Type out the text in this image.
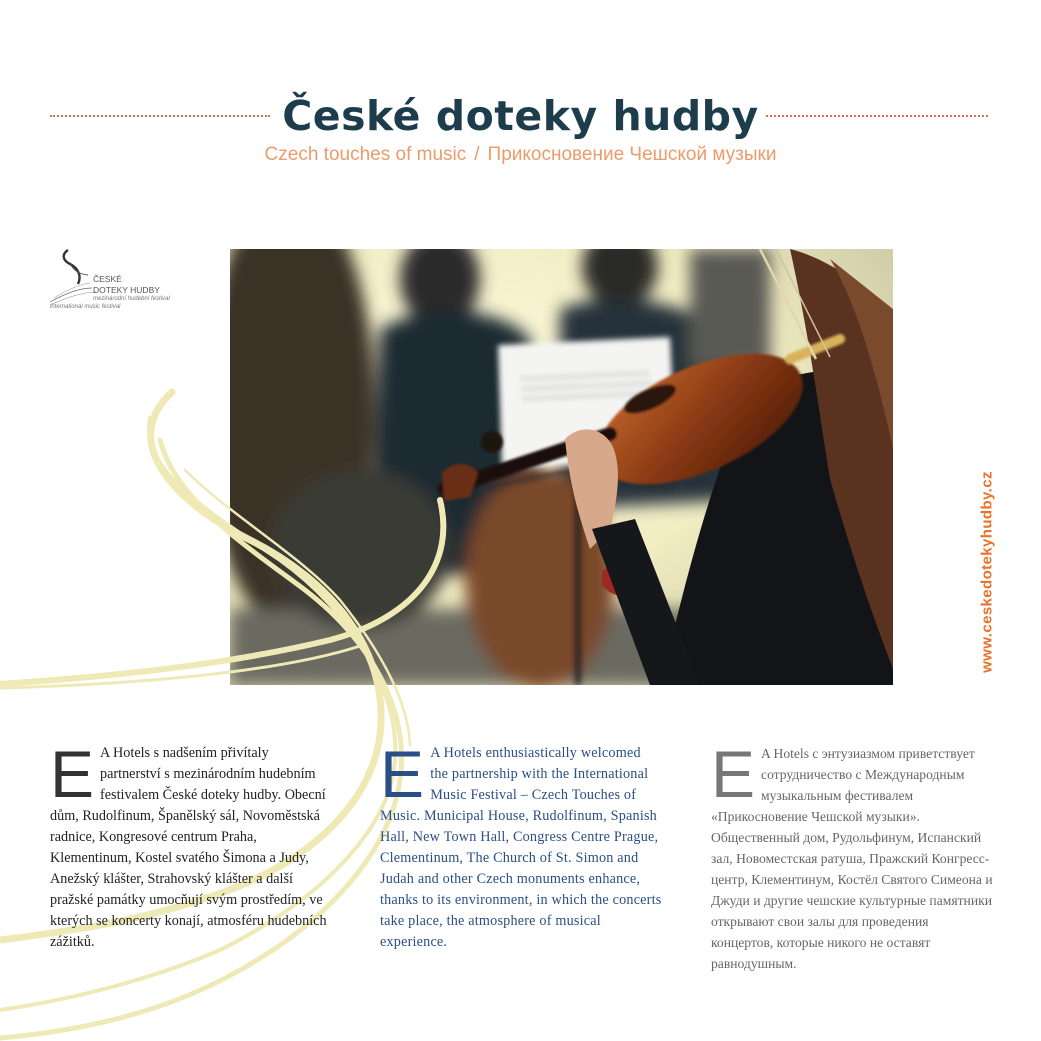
České doteky hudby
Czech touches of music / Прикосновение Чешской музыки
ČESKÉ
DOTEKY HUDBY
mezinárodní hudební festival
international music festival
www.ceskedotekyhudby.cz
E A Hotels s nadšením přivítaly partnerství s mezinárodním hudebním festivalem České doteky hudby. Obecní dům, Rudolfinum, Španělský sál, Novoměstská radnice, Kongresové centrum Praha, Klementinum, Kostel svatého Šimona a Judy, Anežský klášter, Strahovský klášter a další pražské památky umocňují svým prostředím, ve kterých se koncerty konají, atmosféru hudebních zážitků.
E A Hotels enthusiastically welcomed the partnership with the International Music Festival – Czech Touches of Music. Municipal House, Rudolfinum, Spanish Hall, New Town Hall, Congress Centre Prague, Clementinum, The Church of St. Simon and Judah and other Czech monuments enhance, thanks to its environment, in which the concerts take place, the atmosphere of musical experience.
E A Hotels с энтузиазмом приветствует сотрудничество с Международным музыкальным фестивалем «Прикосновение Чешской музыки». Общественный дом, Рудольфинум, Испанский зал, Новоместская ратуша, Пражский Конгресс-центр, Клементинум, Костёл Святого Симеона и Джуди и другие чешские культурные памятники открывают свои залы для проведения концертов, которые никого не оставят равнодушным.
